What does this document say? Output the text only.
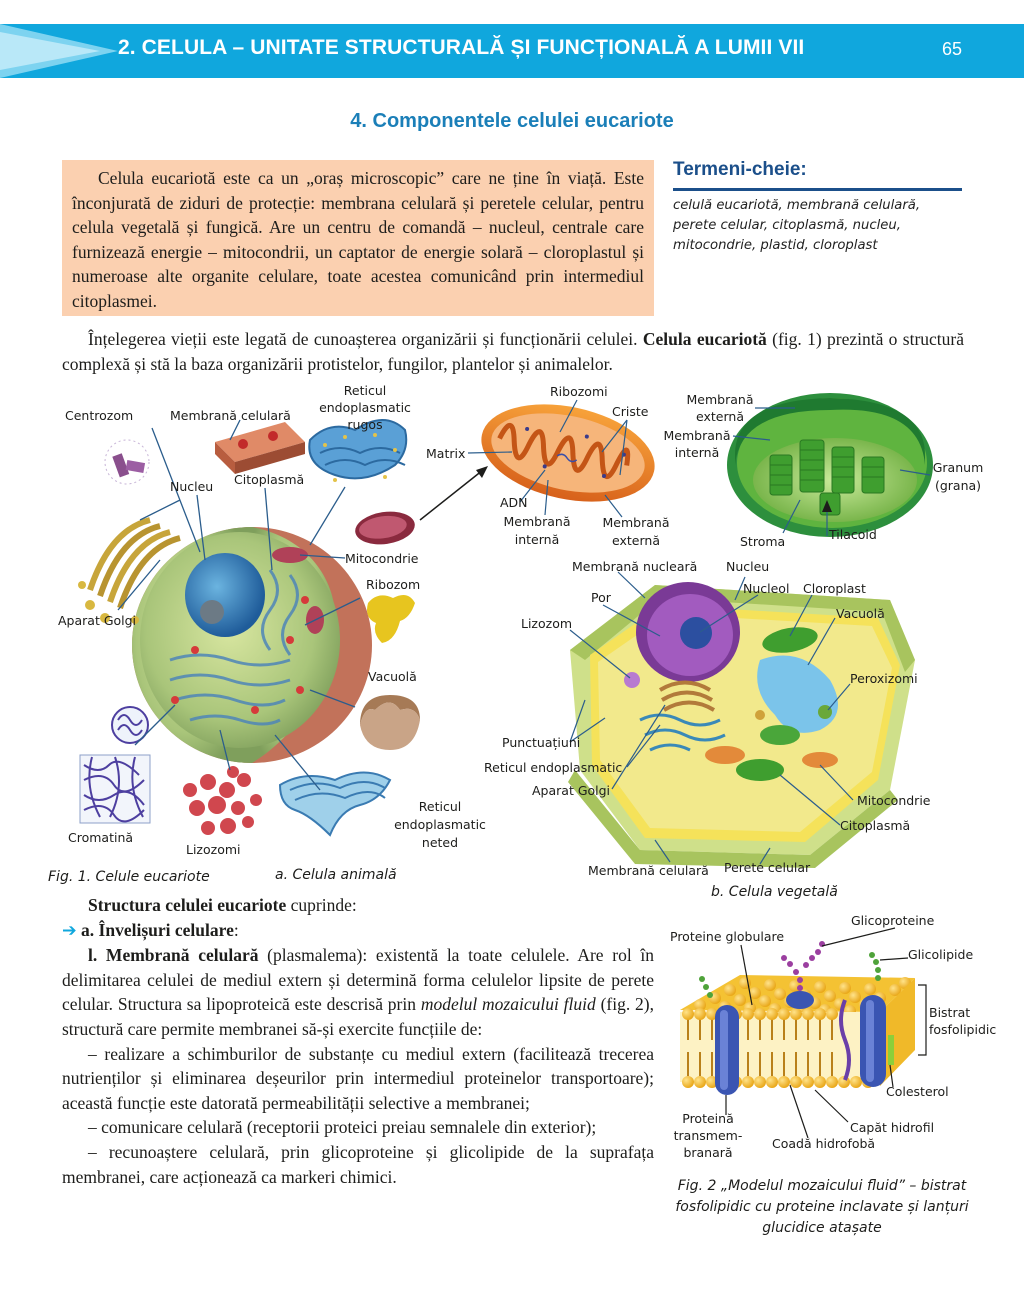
2. CELULA – UNITATE STRUCTURALĂ ȘI FUNCȚIONALĂ A LUMII VII	65
4. Componentele celulei eucariote

Celula eucariotă este ca un „oraș microscopic” care ne ține în viață. Este înconjurată de ziduri de protecție: membrana celulară și peretele celular, pentru celula vegetală și fungică. Are un centru de comandă – nucleul, centrale care furnizează energie – mitocondrii, un captator de energie solară – cloroplastul și numeroase alte organite celulare, toate acestea comunicând prin intermediul citoplasmei.

Termeni-cheie:
celulă eucariotă, membrană celulară, perete celular, citoplasmă, nucleu, mitocondrie, plastid, cloroplast
Înțelegerea vieții este legată de cunoașterea organizării și funcționării celulei. Celula eucariotă (fig. 1) prezintă o structură complexă și stă la baza organizării protistelor, fungilor, plantelor și animalelor.
Centrozom	Membrană celulară
Reticul
endoplasmatic
rugos
Nucleu Citoplasmă
Mitocondrie
Ribozom
Aparat Golgi
Vacuolă
Cromatină
Lizozomi
Reticul
endoplasmatic
neted
Ribozomi
Criste
Matrix
ADN
Membrană
internă
Membrană
externă
Membrană
externă
Membrană
internă
Granum
(grana)
Stroma	Tilacoid
Membrană nucleară Nucleu
Por
Nucleol Cloroplast
Lizozom
Vacuolă
Peroxizomi
Punctuațiuni
Reticul endoplasmatic
Aparat Golgi
Mitocondrie
Citoplasmă
Membrană celulară Perete celular
Fig. 1. Celule eucariote	a. Celula animală
b. Celula vegetală
Glicoproteine
Proteine globulare
Glicolipide
Bistrat
fosfolipidic
Colesterol
Proteină
transmem-
branară
Capăt hidrofil
Coadă hidrofobă

Structura celulei eucariote cuprinde:

➔ a. Învelișuri celulare:

l. Membrană celulară (plasmalema): existentă la toate celulele. Are rol în delimitarea celulei de mediul extern și determină forma celulelor lipsite de perete celular. Structura sa lipoproteică este descrisă prin modelul mozaicului fluid (fig. 2), structură care permite membranei să-și exercite funcțiile de:

– realizare a schimburilor de substanțe cu mediul extern (facilitează trecerea nutrienților și eliminarea deșeurilor prin intermediul proteinelor transportoare); această funcție este datorată permeabilității selective a membranei;

– comunicare celulară (receptorii proteici preiau semnalele din exterior);

– recunoaștere celulară, prin glicoproteine și glicolipide de la suprafața membranei, care acționează ca markeri chimici.	Fig. 2 „Modelul mozaicului fluid” – bistrat fosfolipidic cu proteine inclavate și lanțuri glucidice atașate
